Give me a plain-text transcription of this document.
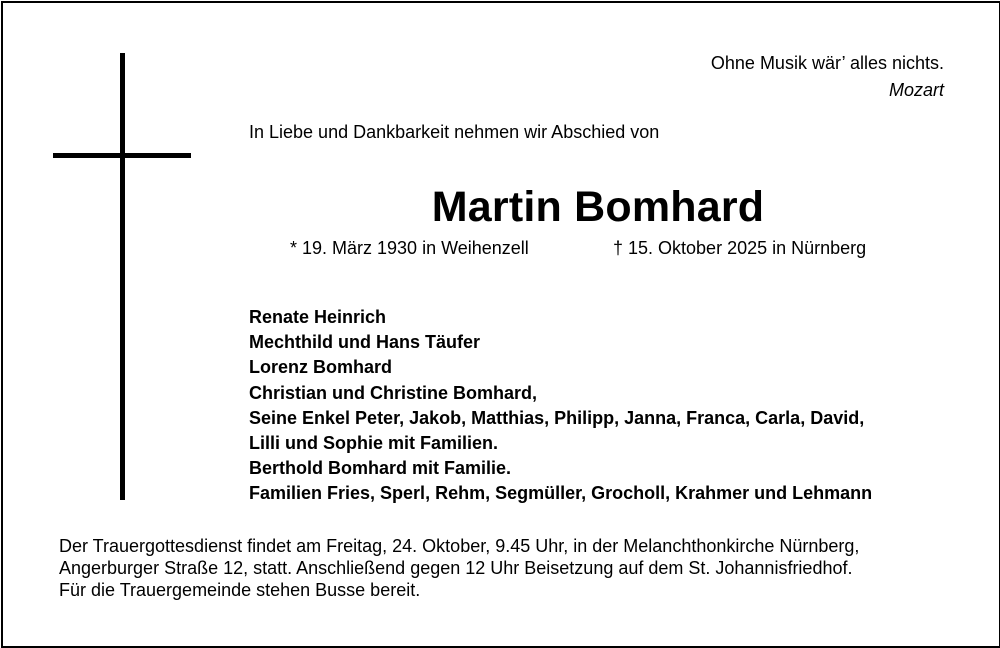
Ohne Musik wär’ alles nichts.
Mozart
In Liebe und Dankbarkeit nehmen wir Abschied von
Martin Bomhard
* 19. März 1930 in Weihenzell	† 15. Oktober 2025 in Nürnberg
Renate Heinrich
Mechthild und Hans Täufer
Lorenz Bomhard
Christian und Christine Bomhard,
Seine Enkel Peter, Jakob, Matthias, Philipp, Janna, Franca, Carla, David,
Lilli und Sophie mit Familien.
Berthold Bomhard mit Familie.
Familien Fries, Sperl, Rehm, Segmüller, Grocholl, Krahmer und Lehmann
Der Trauergottesdienst findet am Freitag, 24. Oktober, 9.45 Uhr, in der Melanchthonkirche Nürnberg,
Angerburger Straße 12, statt. Anschließend gegen 12 Uhr Beisetzung auf dem St. Johannisfriedhof.
Für die Trauergemeinde stehen Busse bereit.
